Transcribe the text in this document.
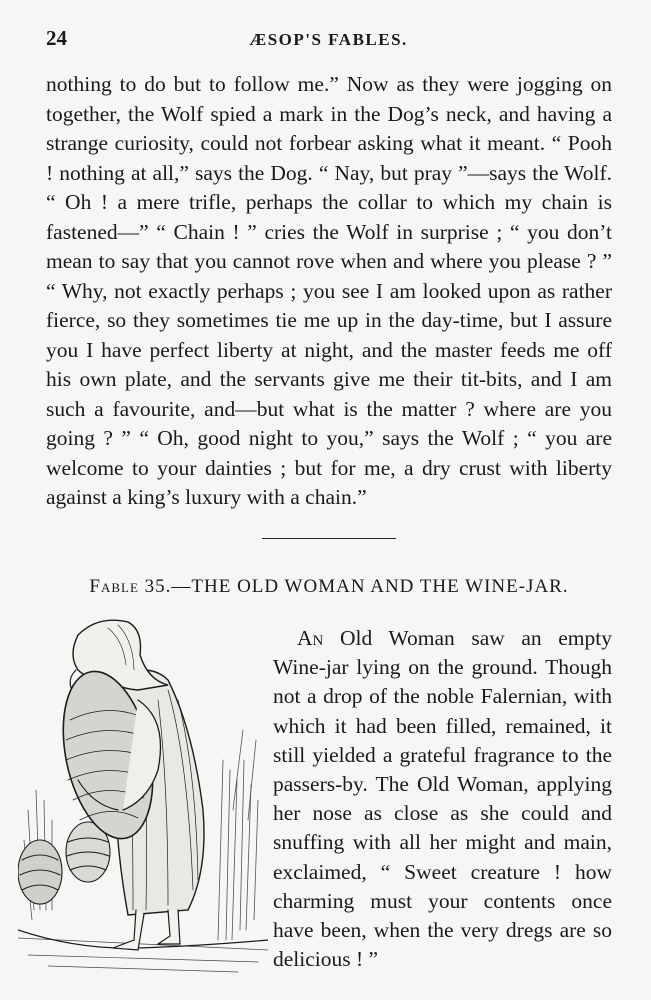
24	ÆSOP'S FABLES.

nothing to do but to follow me.” Now as they were jogging on together, the Wolf spied a mark in the Dog’s neck, and having a strange curiosity, could not forbear asking what it meant. “ Pooh ! nothing at all,” says the Dog. “ Nay, but pray ”—says the Wolf. “ Oh ! a mere trifle, perhaps the collar to which my chain is fastened—” “ Chain ! ” cries the Wolf in surprise ; “ you don’t mean to say that you cannot rove when and where you please ? ” “ Why, not exactly perhaps ; you see I am looked upon as rather fierce, so they sometimes tie me up in the day-time, but I assure you I have perfect liberty at night, and the master feeds me off his own plate, and the servants give me their tit-bits, and I am such a favourite, and—but what is the matter ? where are you going ? ” “ Oh, good night to you,” says the Wolf ; “ you are welcome to your dainties ; but for me, a dry crust with liberty against a king’s luxury with a chain.”

Fable 35.—THE OLD WOMAN AND THE WINE-JAR.

An Old Woman saw an empty Wine-jar lying on the ground. Though not a drop of the noble Falernian, with which it had been filled, remained, it still yielded a grateful fragrance to the passers-by. The Old Woman, applying her nose as close as she could and snuffing with all her might and main, exclaimed, “ Sweet creature ! how charming must your contents once have been, when the very dregs are so delicious ! ”
